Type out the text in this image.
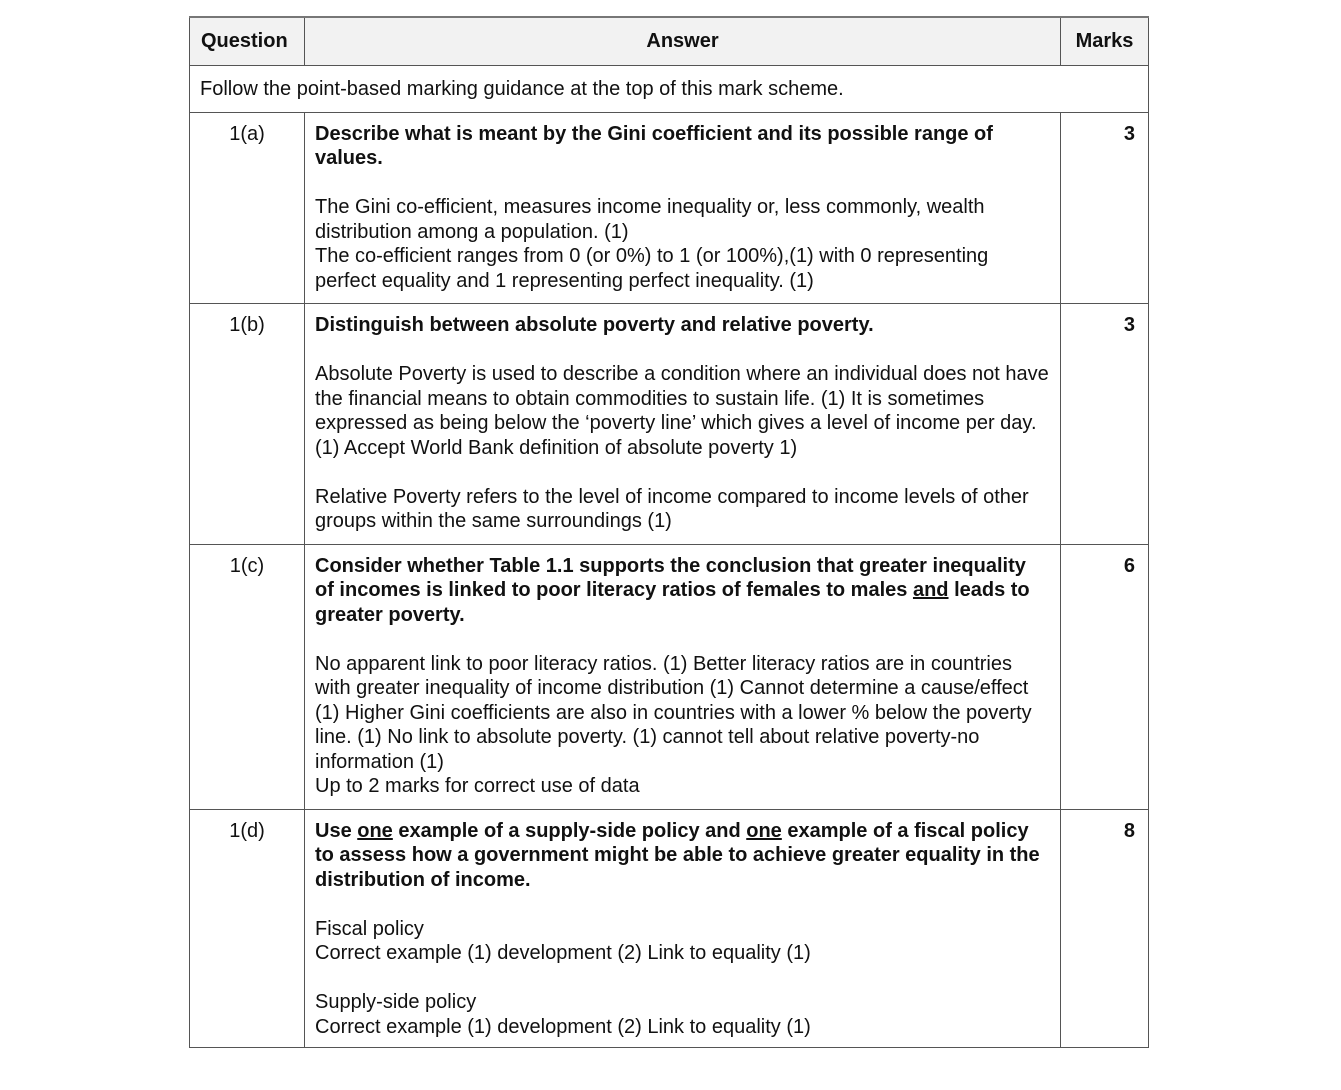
Question	Answer	Marks
Follow the point-based marking guidance at the top of this mark scheme.		
1(a)	Describe what is meant by the Gini coefficient and its possible range of values.

The Gini co-efficient, measures income inequality or, less commonly, wealth distribution among a population. (1)
The co-efficient ranges from 0 (or 0%) to 1 (or 100%),(1) with 0 representing perfect equality and 1 representing perfect inequality. (1)	3
1(b)	Distinguish between absolute poverty and relative poverty.

Absolute Poverty is used to describe a condition where an individual does not have the financial means to obtain commodities to sustain life. (1) It is sometimes expressed as being below the ‘poverty line’ which gives a level of income per day. (1) Accept World Bank definition of absolute poverty 1)
Relative Poverty refers to the level of income compared to income levels of other groups within the same surroundings (1)	3
1(c)	Consider whether Table 1.1 supports the conclusion that greater inequality of incomes is linked to poor literacy ratios of females to males and leads to greater poverty.

No apparent link to poor literacy ratios. (1) Better literacy ratios are in countries with greater inequality of income distribution (1) Cannot determine a cause/effect (1) Higher Gini coefficients are also in countries with a lower % below the poverty line. (1) No link to absolute poverty. (1) cannot tell about relative poverty-no information (1)
Up to 2 marks for correct use of data	6
1(d)	Use one example of a supply-side policy and one example of a fiscal policy to assess how a government might be able to achieve greater equality in the distribution of income.

Fiscal policy
Correct example (1) development (2) Link to equality (1)
Supply-side policy
Correct example (1) development (2) Link to equality (1)	8
